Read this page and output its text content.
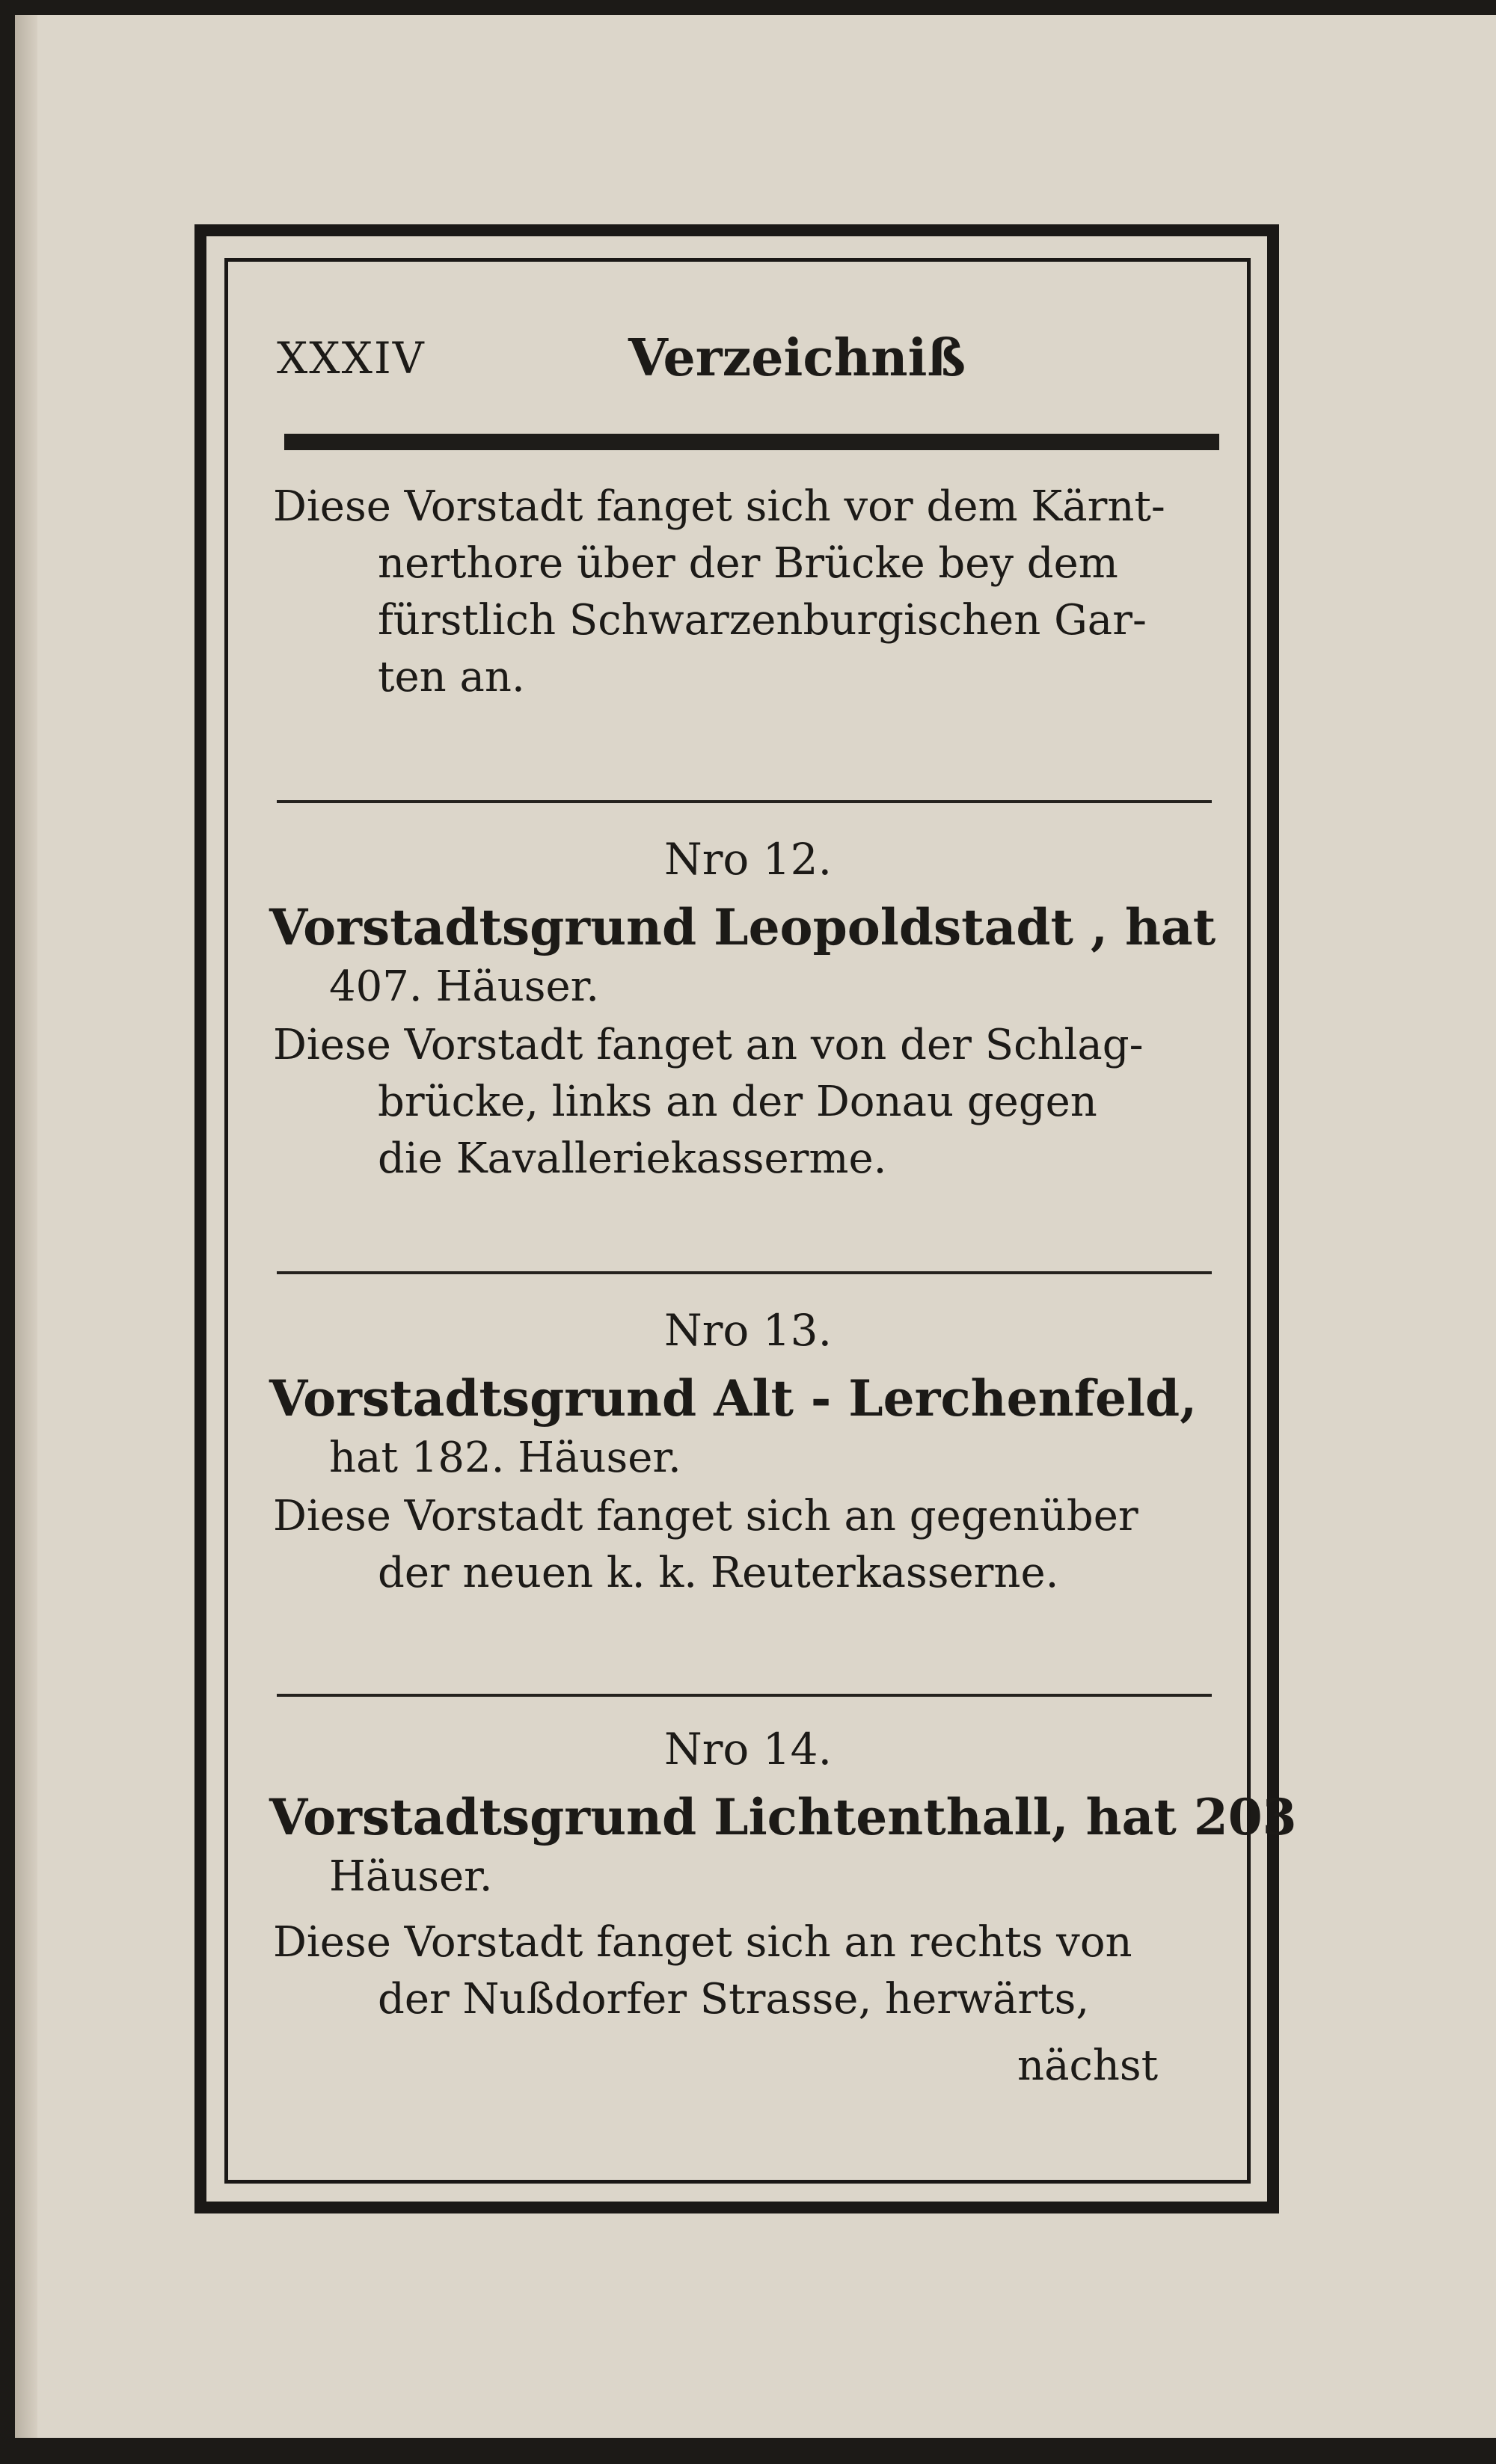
XXXIV	Verzeichniß
Diese Vorstadt fanget sich vor dem Kärnt-
nerthore über der Brücke bey dem
fürstlich Schwarzenburgischen Gar-
ten an.
Nro 12.
Vorstadtsgrund Leopoldstadt , hat
407. Häuser.
Diese Vorstadt fanget an von der Schlag-
brücke, links an der Donau gegen
die Kavalleriekasserme.
Nro 13.
Vorstadtsgrund Alt - Lerchenfeld,
hat 182. Häuser.
Diese Vorstadt fanget sich an gegenüber
der neuen k. k. Reuterkasserne.
Nro 14.
Vorstadtsgrund Lichtenthall, hat 203
Häuser.
Diese Vorstadt fanget sich an rechts von
der Nußdorfer Strasse, herwärts,
nächst
